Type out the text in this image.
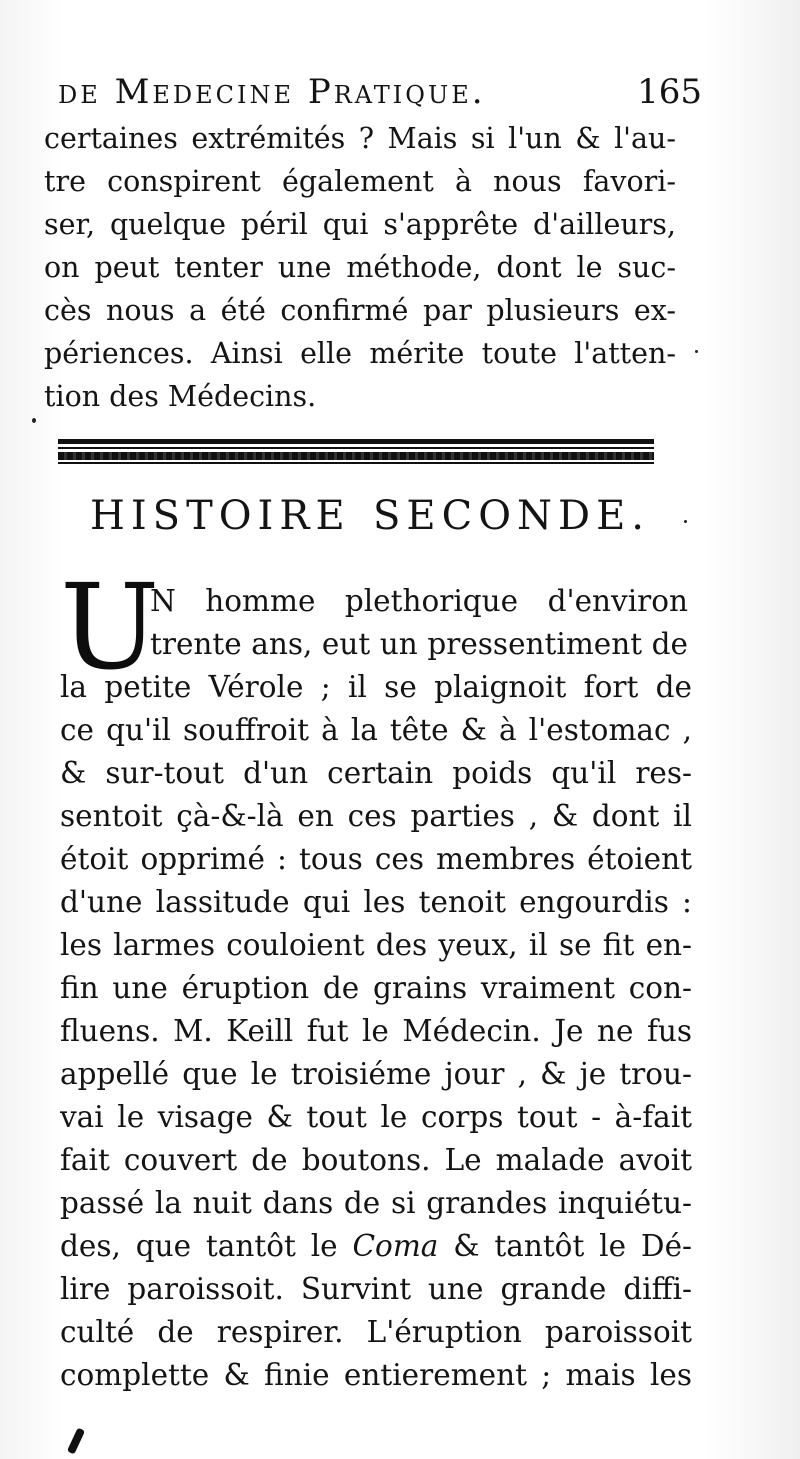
de Medecine Pratique.	165
certaines extrémités ? Mais si l'un & l'au-
tre conspirent également à nous favori-
ser, quelque péril qui s'apprête d'ailleurs,
on peut tenter une méthode, dont le suc-
cès nous a été confirmé par plusieurs ex-
périences. Ainsi elle mérite toute l'atten-
tion des Médecins.
HISTOIRE SECONDE.
U
N homme plethorique d'environ
trente ans, eut un pressentiment de
la petite Vérole ; il se plaignoit fort de
ce qu'il souffroit à la tête & à l'estomac ,
& sur-tout d'un certain poids qu'il res-
sentoit çà-&-là en ces parties , & dont il
étoit opprimé : tous ces membres étoient
d'une lassitude qui les tenoit engourdis :
les larmes couloient des yeux, il se fit en-
fin une éruption de grains vraiment con-
fluens. M. Keill fut le Médecin. Je ne fus
appellé que le troisiéme jour , & je trou-
vai le visage & tout le corps tout - à-fait
fait couvert de boutons. Le malade avoit
passé la nuit dans de si grandes inquiétu-
des, que tantôt le Coma & tantôt le Dé-
lire paroissoit. Survint une grande diffi-
culté de respirer. L'éruption paroissoit
complette & finie entierement ; mais les
